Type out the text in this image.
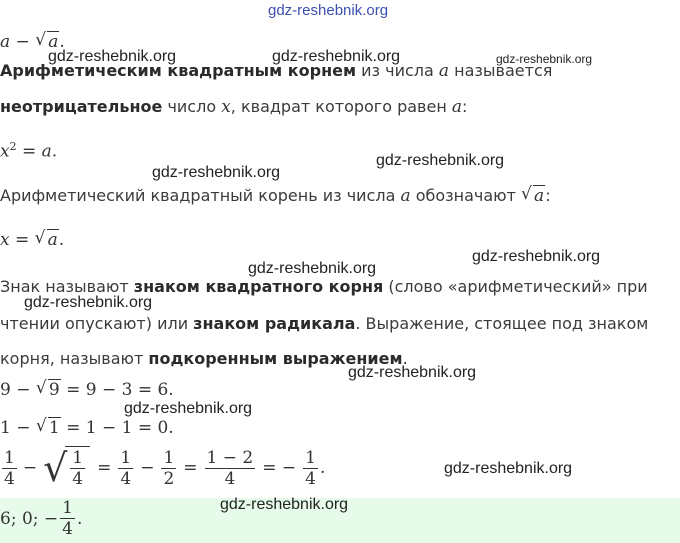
gdz-reshebnik.org
a − √ a.
Арифметическим квадратным корнем из числа a называется
неотрицательное число x, квадрат которого равен a:
$x^2 = a$.
Арифметический квадратный корень из числа a обозначают √ a:
x = √ a.
Знак называют знаком квадратного корня (слово «арифметический» при
чтении опускают) или знаком радикала. Выражение, стоящее под знаком
корня, называют подкоренным выражением.
9 − √ 9 = 9 − 3 = 6.
1 − √ 1 = 1 − 1 = 0.
$\frac{1}{4}$ − √ $\frac{1}{4} = \frac{1}{4} - \frac{1}{2} = \frac{1 - 2}{4}$ = − $\frac{1}{4}$ .
6; 0; − $\frac{1}{4}$ .
gdz-reshebnik.org	gdz-reshebnik.org	gdz-reshebnik.org
gdz-reshebnik.org
gdz-reshebnik.org
gdz-reshebnik.org
gdz-reshebnik.org
gdz-reshebnik.org
gdz-reshebnik.org
gdz-reshebnik.org
gdz-reshebnik.org
gdz-reshebnik.org
